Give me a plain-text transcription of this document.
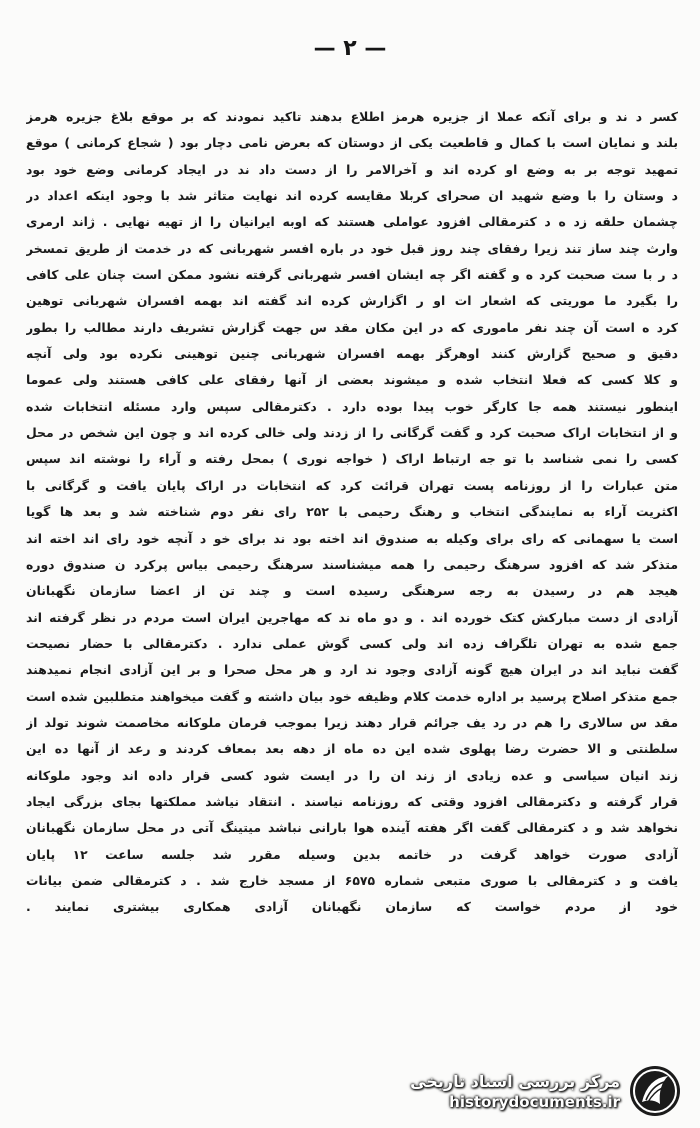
— ۲ —
کسر د ند و برای آنکه عملا از جزیره هرمز اطلاع بدهند تاکید نمودند که بر موقع بلاغ جزیره هرمز
بلند و نمایان است با کمال و قاطعیت یکی از دوستان که بعرض نامی دچار بود ( شجاع کرمانی ) موقع
تمهید توجه بر به وضع او کرده اند و آخرالامر را از دست داد ند در ایجاد کرمانی وضع خود بود
د وستان را با وضع شهید ان صحرای کربلا مقایسه کرده اند نهایت متاثر شد با وجود اینکه اعداد در
چشمان حلقه زد ه د کترمقالی افزود عواملی هستند که اوبه ایرانیان را از تهیه نهایی . ژاند ارمری
وارث چند ساز تند زیرا رفقای چند روز قبل خود در باره افسر شهربانی که در خدمت از طریق تمسخر
د ر با ست صحبت کرد ه و گفته اگر چه ایشان افسر شهربانی گرفته نشود ممکن است چنان علی کافی
را بگیرد ما موریتی که اشعار ات او ر اگزارش کرده اند گفته اند بهمه افسران شهربانی توهین
کرد ه است آن چند نفر ماموری که در این مکان مقد س جهت گزارش تشریف دارند مطالب را بطور
دقیق و صحیح گزارش کنند اوهرگز بهمه افسران شهربانی چنین توهینی نکرده بود ولی آنچه
و کلا کسی که فعلا انتخاب شده و میشوند بعضی از آنها رفقای علی کافی هستند ولی عموما
اینطور نیستند همه جا کارگر خوب پیدا بوده دارد . دکترمقالی سپس وارد مسئله انتخابات شده
و از انتخابات اراک صحبت کرد و گفت گرگانی را از زدند ولی خالی کرده اند و چون این شخص در محل
کسی را نمی شناسد با تو جه ارتباط اراک ( خواجه نوری ) بمحل رفته و آراء را نوشته اند سپس
متن عبارات را از روزنامه پست تهران قرائت کرد که انتخابات در اراک پایان یافت و گرگانی با
اکثریت آراء به نمایندگی انتخاب و رهنگ رحیمی با ۲۵۲ رای نفر دوم شناخته شد و بعد ها گویا
است یا سهمانی که رای برای وکیله به صندوق اند اخته بود ند برای خو د آنچه خود رای اند اخته اند
متذکر شد که افزود سرهنگ رحیمی را همه میشناسند سرهنگ رحیمی بیاس پرکرد ن صندوق دوره
هیجد هم در رسیدن به رجه سرهنگی رسیده است و چند تن از اعضا سازمان نگهبانان
آزادی از دست مبارکش کتک خورده اند . و دو ماه ند که مهاجرین ایران است مردم در نظر گرفته اند
جمع شده به تهران تلگراف زده اند ولی کسی گوش عملی ندارد . دکترمقالی با حضار نصیحت
گفت نباید اند در ایران هیچ گونه آزادی وجود ند ارد و هر محل صحرا و بر این آزادی انجام نمیدهند
جمع متذکر اصلاح پرسید بر اداره خدمت کلام وظیفه خود بیان داشته و گفت میخواهند متطلبین شده است
مقد س سالاری را هم در رد یف جرائم قرار دهند زیرا بموجب فرمان ملوکانه مخاصمت شوند تولد از
سلطنتی و الا حضرت رضا پهلوی شده این ده ماه از دهه بعد بمعاف کردند و رعد از آنها ده این
زند انیان سیاسی و عده زیادی از زند ان را در ایست شود کسی قرار داده اند وجود ملوکانه
قرار گرفته و دکترمقالی افزود وقتی که روزنامه نیاسند . انتقاد نیاشد مملکتها بجای بزرگی ایجاد
نخواهد شد و د کترمقالی گفت اگر هفته آینده هوا بارانی نباشد میتینگ آتی در محل سازمان نگهبانان
آزادی صورت خواهد گرفت در خاتمه بدین وسیله مقرر شد جلسه ساعت ۱۲ پایان
یافت و د کترمقالی با صوری متبعی شماره ۶۵۷۵ از مسجد خارج شد . د کترمقالی ضمن بیانات
خود از مردم خواست که سازمان نگهبانان آزادی همکاری بیشتری نمایند .
مرکز بررسی اسناد تاریخی
historydocuments.ir
